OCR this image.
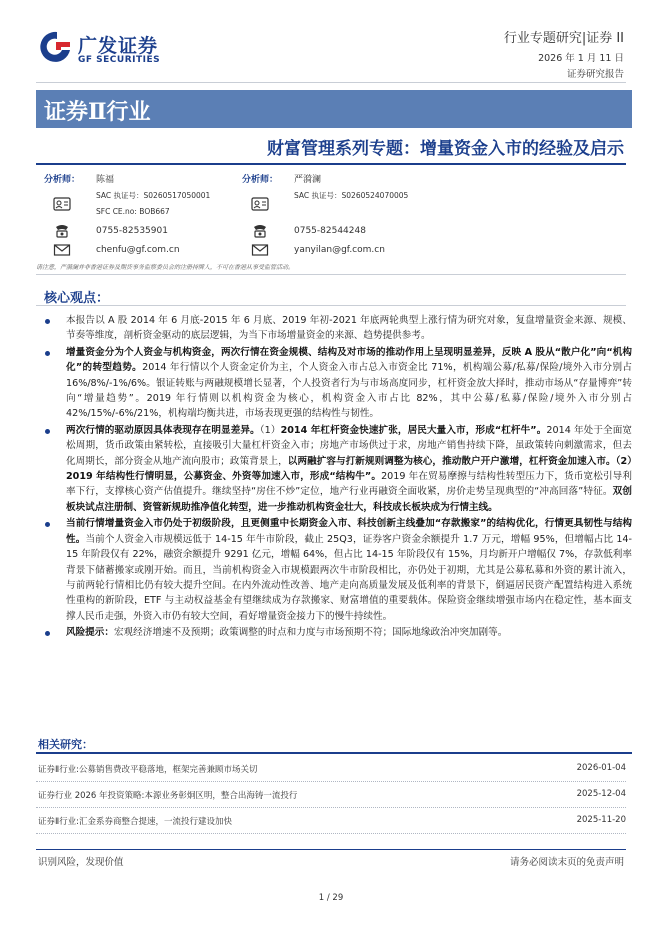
广发证券
GF SECURITIES
行业专题研究|证券 II
2026 年 1 月 11 日
证券研究报告
证券Ⅱ行业
财富管理系列专题：增量资金入市的经验及启示
分析师： 陈福
SAC 执证号：S0260517050001
SFC CE.no: BOB667
0755-82535901
chenfu@gf.com.cn
分析师： 严漪澜
SAC 执证号：S0260524070005
0755-82544248
yanyilan@gf.com.cn
请注意，严漪澜并非香港证券及期货事务监察委员会的注册持牌人，不可在香港从事受监管活动。
核心观点：
本报告以 A 股 2014 年 6 月底-2015 年 6 月底、2019 年初-2021 年底两轮典型上涨行情为研究对象，复盘增量资金来源、规模、节奏等维度，剖析资金驱动的底层逻辑，为当下市场增量资金的来源、趋势提供参考。
增量资金分为个人资金与机构资金，两次行情在资金规模、结构及对市场的推动作用上呈现明显差异，反映 A 股从“散户化”向“机构化”的转型趋势。2014 年行情以个人资金定价为主，个人资金入市占总入市资金比 71%，机构端公募/私募/保险/境外入市分别占 16%/8%/-1%/6%。银证转账与两融规模增长显著，个人投资者行为与市场高度同步，杠杆资金放大择时，推动市场从“存量博弈”转向“增量趋势”。2019 年行情则以机构资金为核心，机构资金入市占比 82%，其中公募/私募/保险/境外入市分别占 42%/15%/-6%/21%，机构端均衡共进，市场表现更强的结构性与韧性。
两次行情的驱动原因具体表现存在明显差异。（1）2014 年杠杆资金快速扩张，居民大量入市，形成“杠杆牛”。2014 年处于全面宽松周期，货币政策由紧转松，直接吸引大量杠杆资金入市；房地产市场供过于求，房地产销售持续下降，虽政策转向刺激需求，但去化周期长，部分资金从地产流向股市；政策背景上，以两融扩容与打新规则调整为核心，推动散户开户激增，杠杆资金加速入市。（2）2019 年结构性行情明显，公募资金、外资等加速入市，形成“结构牛”。2019 年在贸易摩擦与结构性转型压力下，货币宽松引导利率下行，支撑核心资产估值提升。继续坚持“房住不炒”定位，地产行业再融资全面收紧，房价走势呈现典型的“冲高回落”特征。双创板块试点注册制、资管新规助推净值化转型，进一步推动机构资金壮大，科技成长板块成为行情主线。
当前行情增量资金入市仍处于初级阶段，且更侧重中长期资金入市、科技创新主线叠加“存款搬家”的结构优化，行情更具韧性与结构性。当前个人资金入市规模远低于 14-15 年牛市阶段，截止 25Q3，证券客户资金余额提升 1.7 万元，增幅 95%，但增幅占比 14-15 年阶段仅有 22%，融资余额提升 9291 亿元，增幅 64%，但占比 14-15 年阶段仅有 15%，月均新开户增幅仅 7%，存款低利率背景下储蓄搬家或刚开始。而且，当前机构资金入市规模跟两次牛市阶段相比，亦仍处于初期，尤其是公募私募和外资的累计流入，与前两轮行情相比仍有较大提升空间。在内外流动性改善、地产走向高质量发展及低利率的背景下，倒逼居民资产配置结构进入系统性重构的新阶段，ETF 与主动权益基金有望继续成为存款搬家、财富增值的重要载体。保险资金继续增强市场内在稳定性，基本面支撑人民币走强，外资入市仍有较大空间，看好增量资金接力下的慢牛持续性。
风险提示：宏观经济增速不及预期；政策调整的时点和力度与市场预期不符；国际地缘政治冲突加剧等。
相关研究：
证券Ⅱ行业:公募销售费改平稳落地，框架完善兼顾市场关切	2026-01-04
证券行业 2026 年投资策略:本源业务彰炯区明，整合出海铸一流投行	2025-12-04
证券Ⅱ行业:汇金系券商整合提速，一流投行建设加快	2025-11-20
识别风险，发现价值	请务必阅读末页的免责声明
1 / 29
